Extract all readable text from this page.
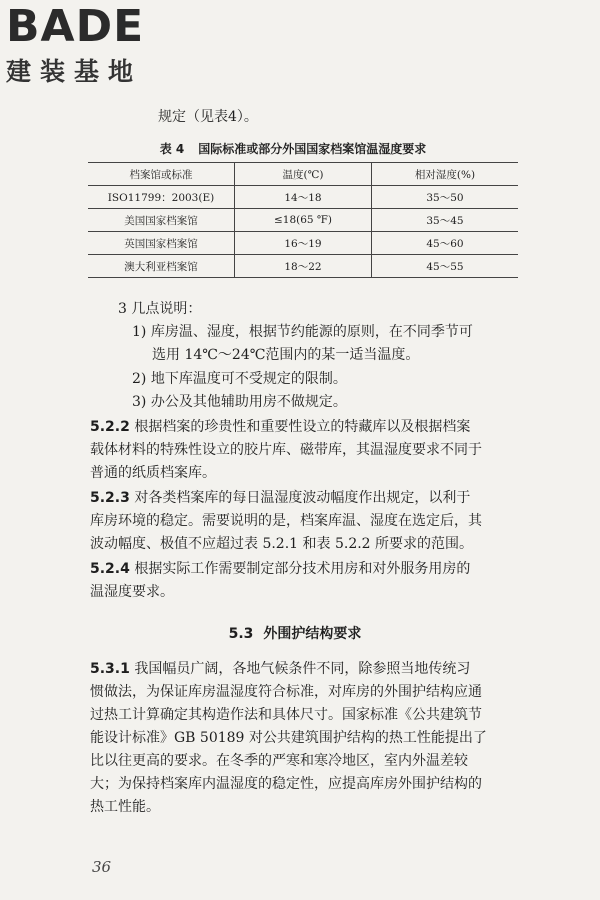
BADE
建装基地
规定（见表4）。
表 4 国际标准或部分外国国家档案馆温湿度要求
档案馆或标准	温度(℃)	相对湿度(%)
ISO11799：2003(E)	14～18	35～50
美国国家档案馆	≤18(65 ℉)	35～45
英国国家档案馆	16～19	45～60
澳大利亚档案馆	18～22	45～55
3 几点说明：
1) 库房温、湿度，根据节约能源的原则，在不同季节可
选用 14℃～24℃范围内的某一适当温度。
2) 地下库温度可不受规定的限制。
3) 办公及其他辅助用房不做规定。
5.2.2 根据档案的珍贵性和重要性设立的特藏库以及根据档案
载体材料的特殊性设立的胶片库、磁带库，其温湿度要求不同于
普通的纸质档案库。
5.2.3 对各类档案库的每日温湿度波动幅度作出规定，以利于
库房环境的稳定。需要说明的是，档案库温、湿度在选定后，其
波动幅度、极值不应超过表 5.2.1 和表 5.2.2 所要求的范围。
5.2.4 根据实际工作需要制定部分技术用房和对外服务用房的
温湿度要求。
5.3 外围护结构要求
5.3.1 我国幅员广阔，各地气候条件不同，除参照当地传统习
惯做法，为保证库房温湿度符合标准，对库房的外围护结构应通
过热工计算确定其构造作法和具体尺寸。国家标准《公共建筑节
能设计标准》GB 50189 对公共建筑围护结构的热工性能提出了
比以往更高的要求。在冬季的严寒和寒冷地区，室内外温差较
大；为保持档案库内温湿度的稳定性，应提高库房外围护结构的
热工性能。
36
